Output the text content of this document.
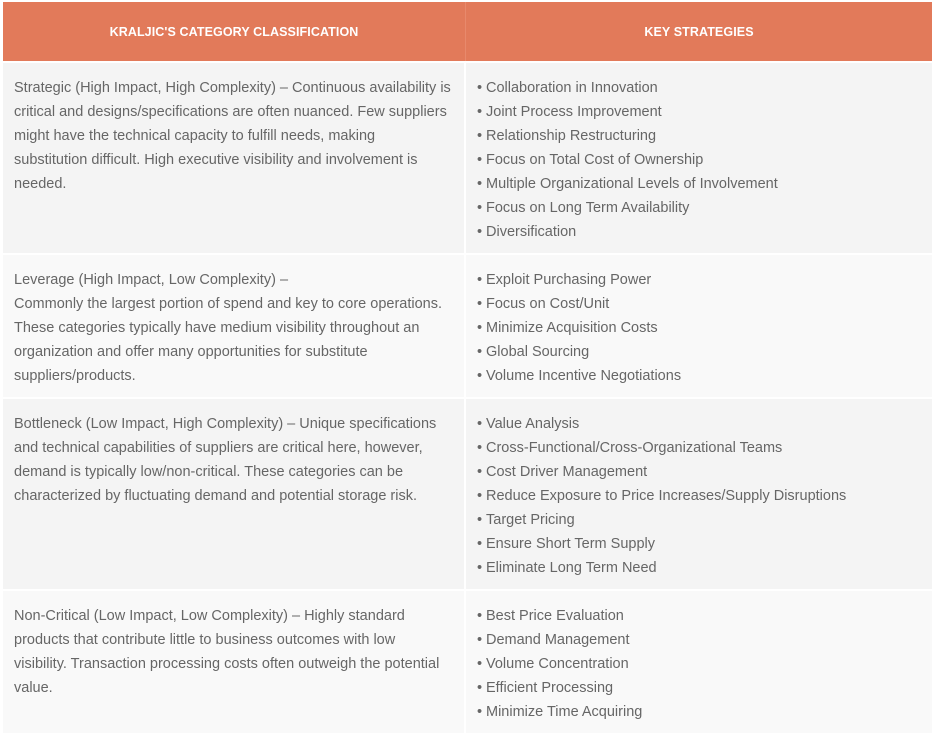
KRALJIC'S CATEGORY CLASSIFICATION	KEY STRATEGIES
Strategic (High Impact, High Complexity) – Continuous availability is critical and designs/specifications are often nuanced. Few suppliers might have the technical capacity to fulfill needs, making substitution difficult. High executive visibility and involvement is needed.
• Collaboration in Innovation
• Joint Process Improvement
• Relationship Restructuring
• Focus on Total Cost of Ownership
• Multiple Organizational Levels of Involvement
• Focus on Long Term Availability
• Diversification
Leverage (High Impact, Low Complexity) –
Commonly the largest portion of spend and key to core operations. These categories typically have medium visibility throughout an organization and offer many opportunities for substitute suppliers/products.
• Exploit Purchasing Power
• Focus on Cost/Unit
• Minimize Acquisition Costs
• Global Sourcing
• Volume Incentive Negotiations
Bottleneck (Low Impact, High Complexity) – Unique specifications and technical capabilities of suppliers are critical here, however, demand is typically low/non-critical. These categories can be characterized by fluctuating demand and potential storage risk.
• Value Analysis
• Cross-Functional/Cross-Organizational Teams
• Cost Driver Management
• Reduce Exposure to Price Increases/Supply Disruptions
• Target Pricing
• Ensure Short Term Supply
• Eliminate Long Term Need
Non-Critical (Low Impact, Low Complexity) – Highly standard products that contribute little to business outcomes with low visibility. Transaction processing costs often outweigh the potential value.
• Best Price Evaluation
• Demand Management
• Volume Concentration
• Efficient Processing
• Minimize Time Acquiring
